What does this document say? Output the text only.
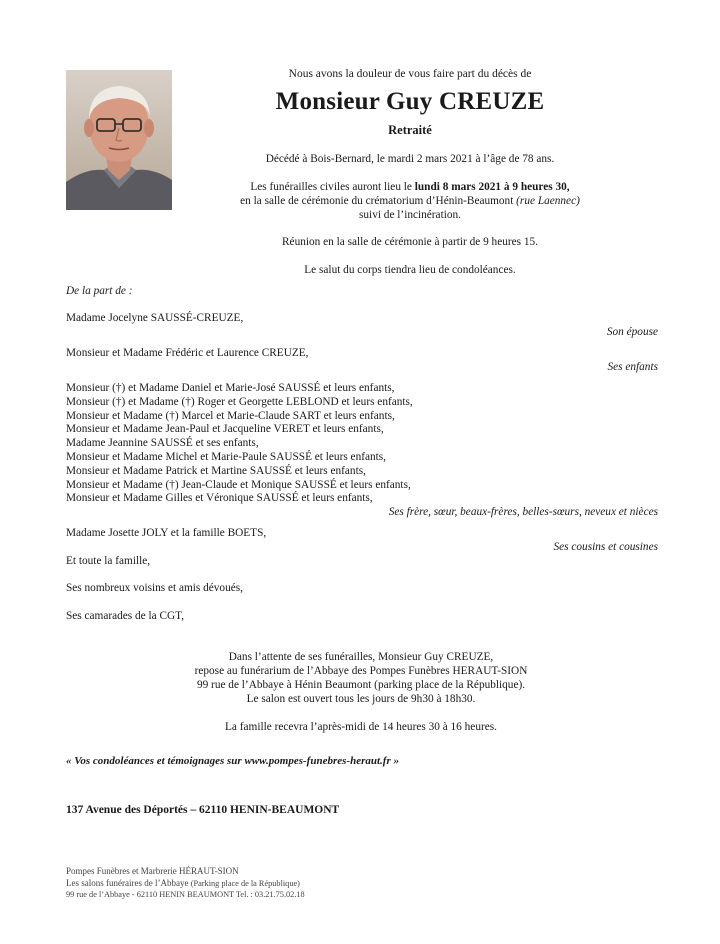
Nous avons la douleur de vous faire part du décès de
Monsieur Guy CREUZE
Retraité
Décédé à Bois-Bernard, le mardi 2 mars 2021 à l’âge de 78 ans.
Les funérailles civiles auront lieu le lundi 8 mars 2021 à 9 heures 30,
en la salle de cérémonie du crématorium d’Hénin-Beaumont (rue Laennec)
suivi de l’incinération.
Réunion en la salle de cérémonie à partir de 9 heures 15.
Le salut du corps tiendra lieu de condoléances.
De la part de :
Madame Jocelyne SAUSSÉ-CREUZE,
Son épouse
Monsieur et Madame Frédéric et Laurence CREUZE,
Ses enfants
Monsieur (†) et Madame Daniel et Marie-José SAUSSÉ et leurs enfants,
Monsieur (†) et Madame (†) Roger et Georgette LEBLOND et leurs enfants,
Monsieur et Madame (†) Marcel et Marie-Claude SART et leurs enfants,
Monsieur et Madame Jean-Paul et Jacqueline VERET et leurs enfants,
Madame Jeannine SAUSSÉ et ses enfants,
Monsieur et Madame Michel et Marie-Paule SAUSSÉ et leurs enfants,
Monsieur et Madame Patrick et Martine SAUSSÉ et leurs enfants,
Monsieur et Madame (†) Jean-Claude et Monique SAUSSÉ et leurs enfants,
Monsieur et Madame Gilles et Véronique SAUSSÉ et leurs enfants,
Ses frère, sœur, beaux-frères, belles-sœurs, neveux et nièces
Madame Josette JOLY et la famille BOETS,
Ses cousins et cousines
Et toute la famille,
Ses nombreux voisins et amis dévoués,
Ses camarades de la CGT,
Dans l’attente de ses funérailles, Monsieur Guy CREUZE,
repose au funérarium de l’Abbaye des Pompes Funèbres HERAUT-SION
99 rue de l’Abbaye à Hénin Beaumont (parking place de la République).
Le salon est ouvert tous les jours de 9h30 à 18h30.
La famille recevra l’après-midi de 14 heures 30 à 16 heures.
« Vos condoléances et témoignages sur www.pompes-funebres-heraut.fr »
137 Avenue des Déportés – 62110 HENIN-BEAUMONT
Pompes Funèbres et Marbrerie HÉRAUT-SION
Les salons funéraires de l’Abbaye (Parking place de la République)
99 rue de l’Abbaye - 62110 HENIN BEAUMONT Tel. : 03.21.75.02.18
